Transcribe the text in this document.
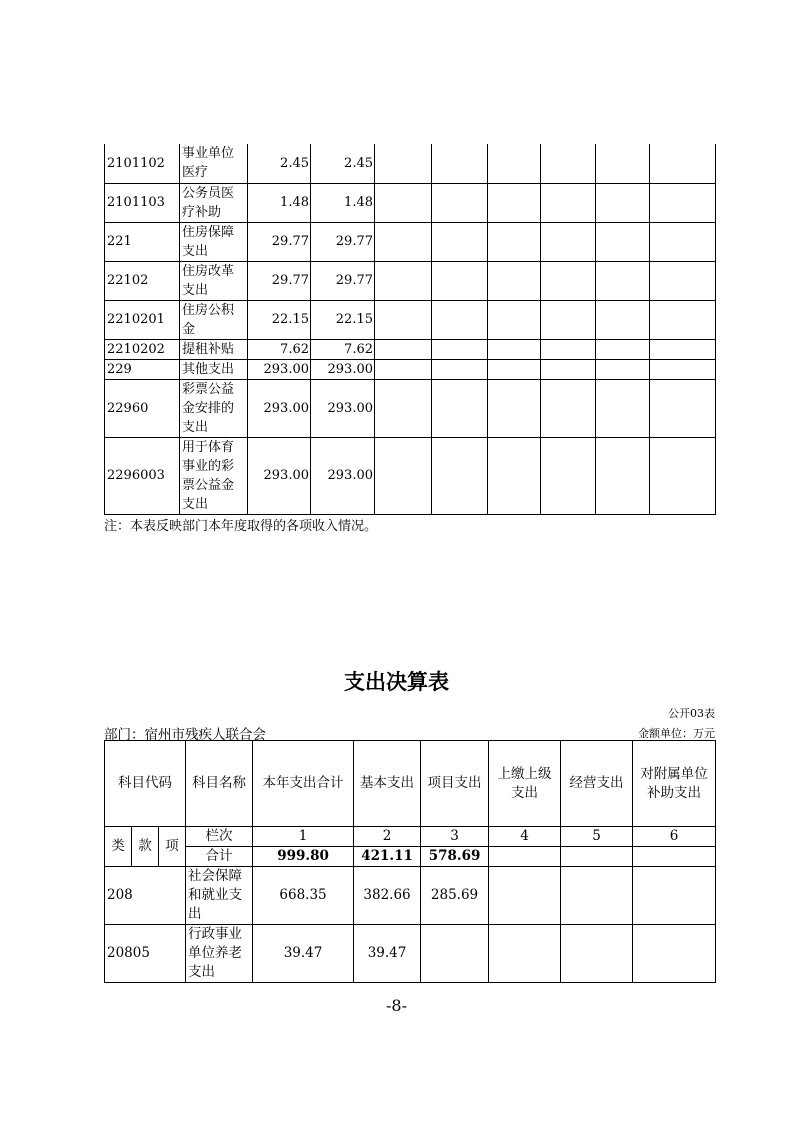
2101102	事业单位医疗	2.45	2.45						
2101103	公务员医疗补助	1.48	1.48						
221	住房保障支出	29.77	29.77						
22102	住房改革支出	29.77	29.77						
2210201	住房公积金	22.15	22.15						
2210202	提租补贴	7.62	7.62						
229	其他支出	293.00	293.00						
22960	彩票公益金安排的支出	293.00	293.00						
2296003	用于体育事业的彩票公益金支出	293.00	293.00						
注：本表反映部门本年度取得的各项收入情况。
支出决算表
公开03表
部门：宿州市残疾人联合会	金额单位：万元
科目代码			科目名称	本年支出合计	基本支出	项目支出	上缴上级支出	经营支出	对附属单位补助支出
类	款	项	栏次	1	2	3	4	5	6
			合计	999.80	421.11	578.69			
208			社会保障和就业支出	668.35	382.66	285.69			
20805			行政事业单位养老支出	39.47	39.47				
-8-
